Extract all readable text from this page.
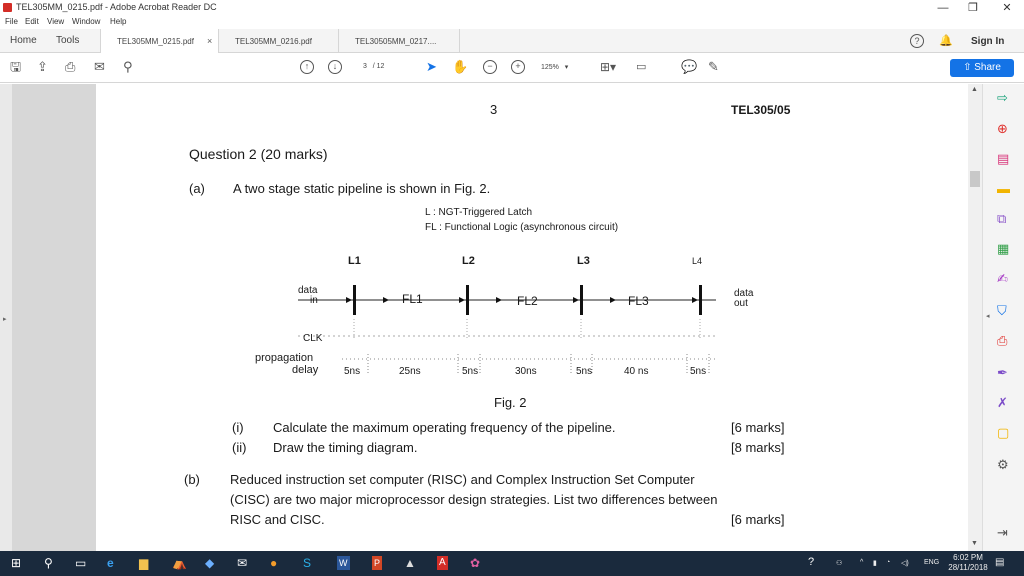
TEL305MM_0215.pdf - Adobe Acrobat Reader DC	—	❐	✕
File Edit View Window Help
Home Tools	TEL305MM_0215.pdf ×	TEL305MM_0216.pdf	TEL30505MM_0217....	?	🔔 Sign In
🖫 ⇪ ⎙ ✉ ⚲	↑	↓	3 / 12	➤ ✋	−	+	125%   ▾	⊞▾ ▭	💬 ✎	⇧ Share
▸
3	TEL305/05
Question 2 (20 marks)
(a) A two stage static pipeline is shown in Fig. 2.
L : NGT-Triggered Latch
FL : Functional Logic (asynchronous circuit)
L1	L2	L3	L4
FL1	FL2	FL3
data
in
data
out
CLK
propagation
delay	5ns	25ns	5ns	30ns	5ns	40 ns	5ns
Fig. 2
(i) Calculate the maximum operating frequency of the pipeline.	[6 marks]
(ii) Draw the timing diagram.	[8 marks]
(b) Reduced instruction set computer (RISC) and Complex Instruction Set Computer
(CISC) are two major microprocessor design strategies. List two differences between
RISC and CISC.	[6 marks]
▲
▼
◂
⇨
⊕
▤
▬
⧉
▦
✍
⛉
⎙
✒
✗
▢
⚙
⇥
⊞ ⚲ ▭ e ▆ ⛺ ◆ ✉ ● S	W	P ▲ A ✿	?	⚇	^ ▮ ◔ ◁) ENG
6:02 PM
28/11/2018 ▤
